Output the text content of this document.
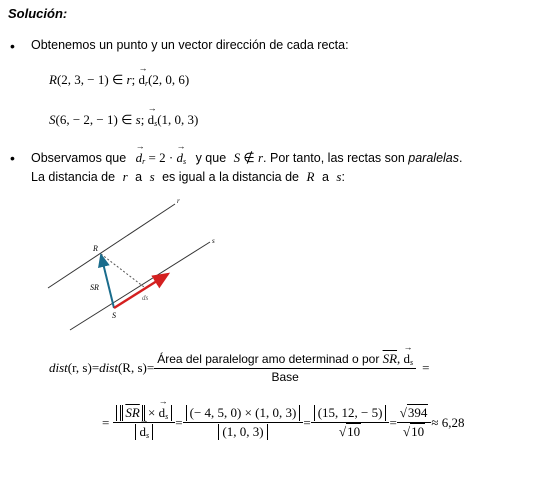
Solución:
• Obtenemos un punto y un vector dirección de cada recta:
R(2, 3, − 1) ∈ r; → $d_r(2$, 0, 6)
S(6, − 2, − 1) ∈ s; → $d_s(1$, 0, 3)
• Observamos que → $d_r = 2$ · → $d_s$ y que S ∉ r. Por tanto, las rectas son paralelas.
La distancia de r a s es igual a la distancia de R a s:
r
s
R
S
SR
ds
dist (r, s) = dist (R, $s) = \frac{Área del paralelogr amo determinad o por \overline{SR}, \to d_s}{\text{Base}}$ =
= $\overline{SR}$ × → $d_s$
→ $d_s = \frac{(- 4, 5, 0) \times (1, 0, 3)}{(1, 0, 3)} = \frac{(15, 12, - 5)}{√10} = \frac{√394}{√10} \approx 6,28$
